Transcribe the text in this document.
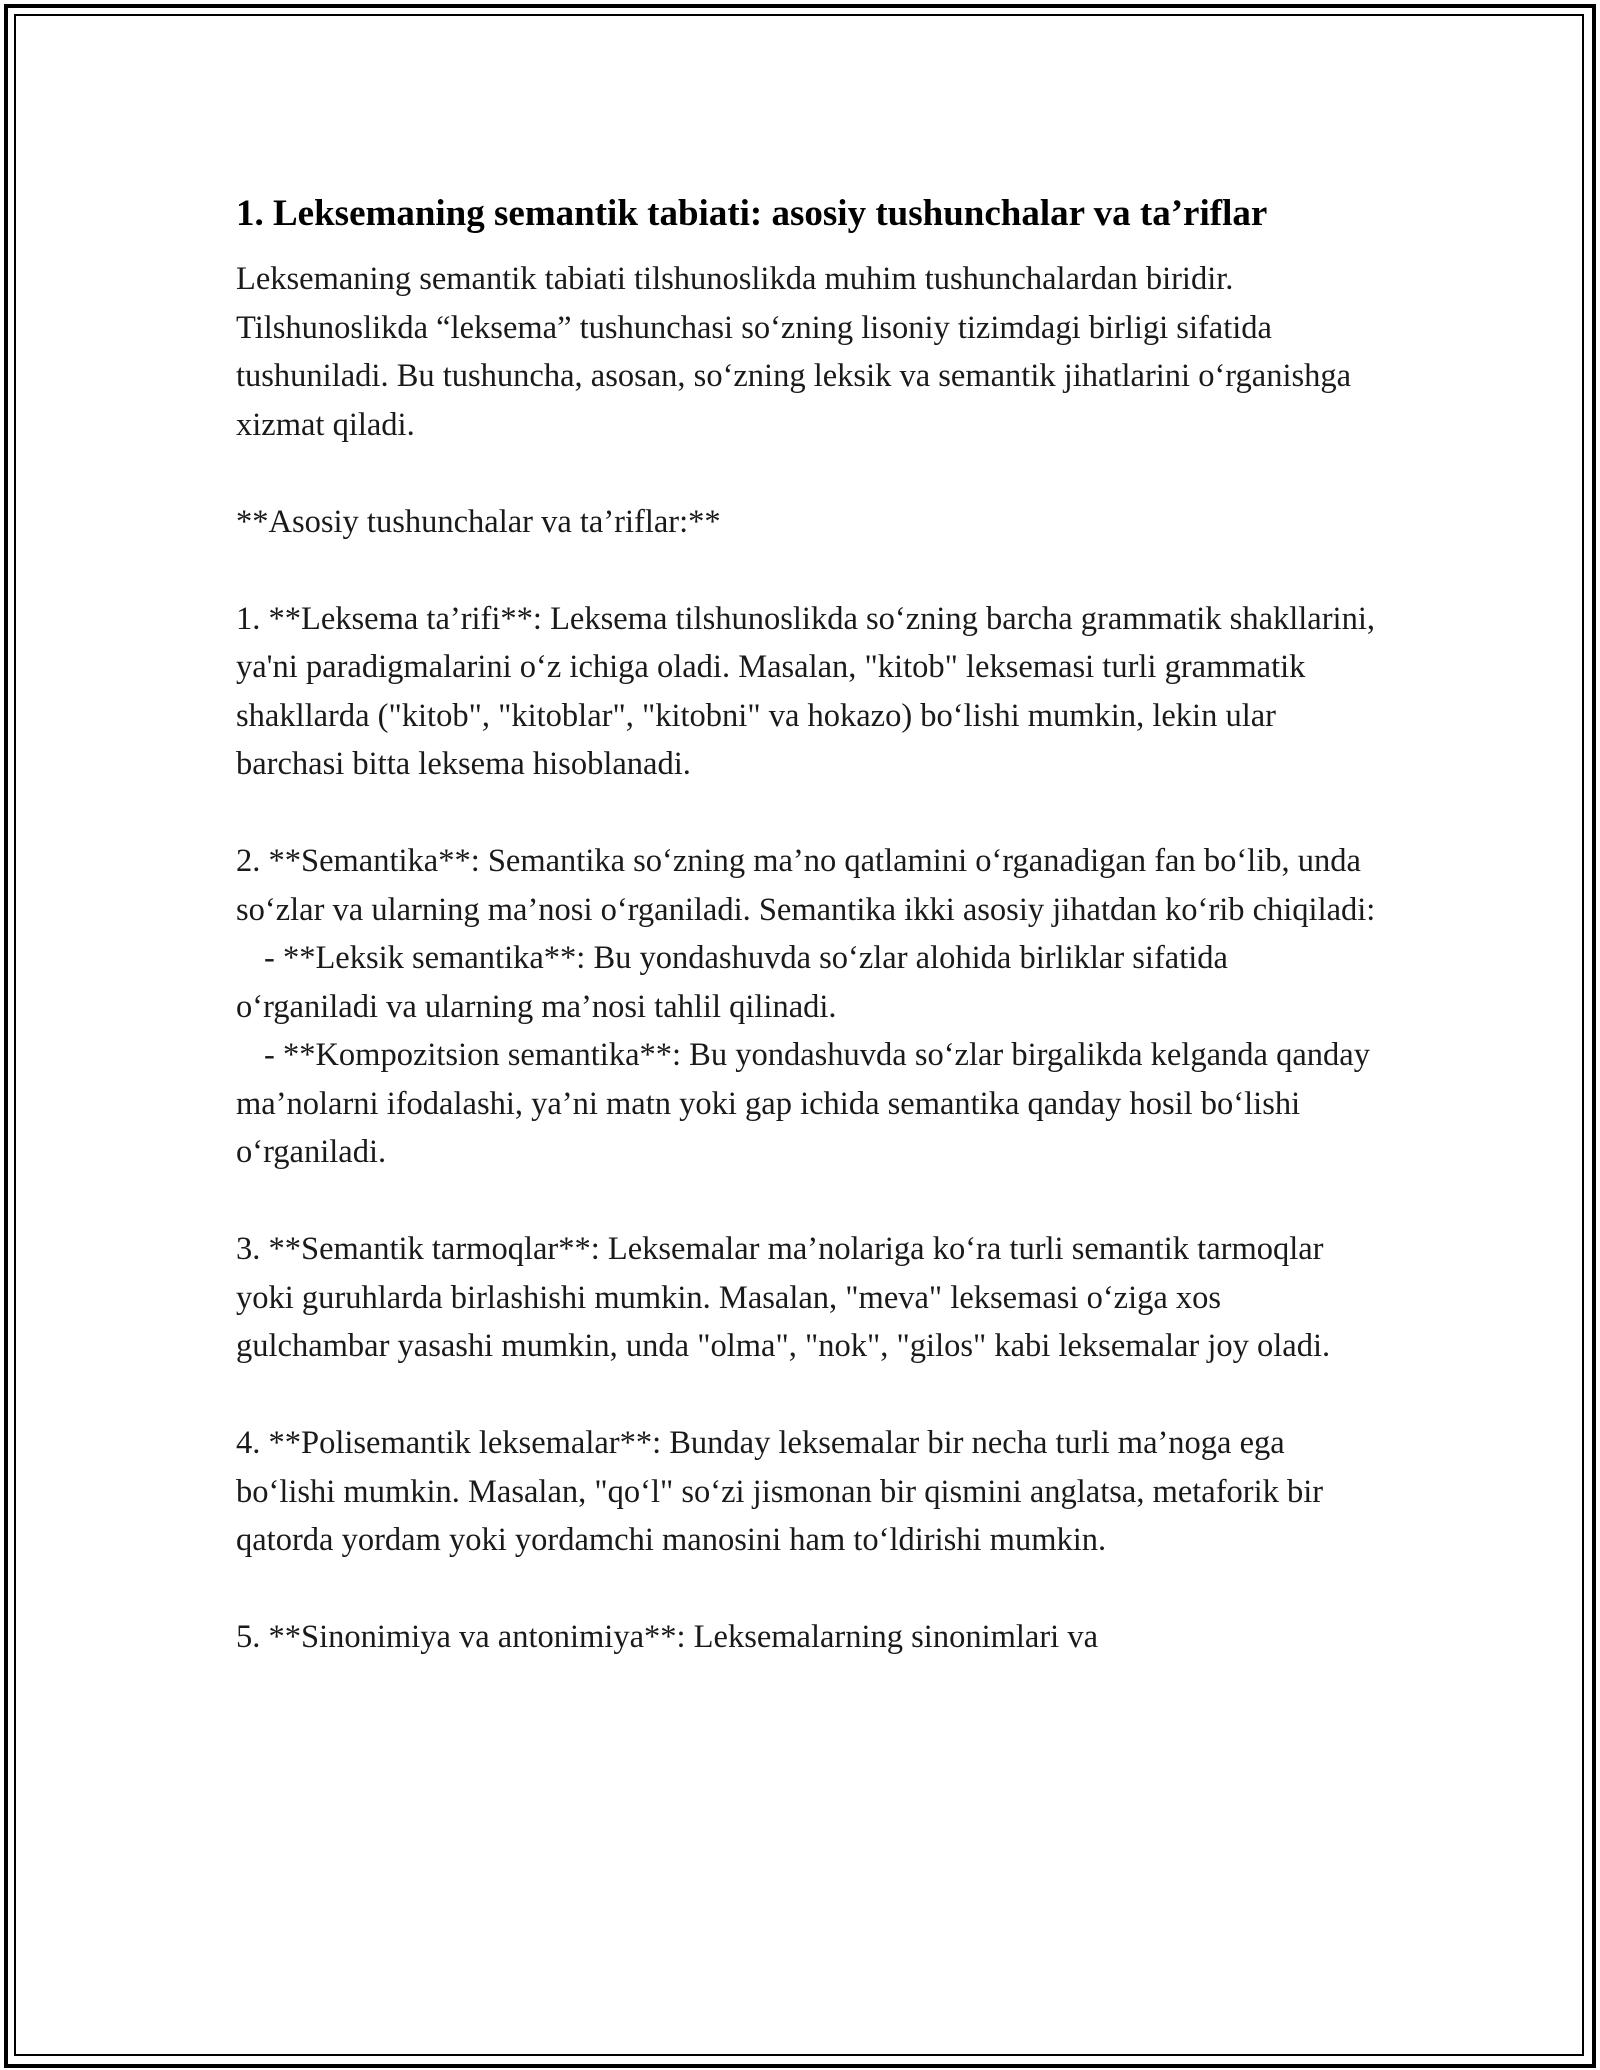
1. Leksemaning semantik tabiati: asosiy tushunchalar va ta’riflar

Leksemaning semantik tabiati tilshunoslikda muhim tushunchalardan biridir. Tilshunoslikda “leksema” tushunchasi so‘zning lisoniy tizimdagi birligi sifatida tushuniladi. Bu tushuncha, asosan, so‘zning leksik va semantik jihatlarini o‘rganishga xizmat qiladi.

**Asosiy tushunchalar va ta’riflar:**

1. **Leksema ta’rifi**: Leksema tilshunoslikda so‘zning barcha grammatik shakllarini, ya'ni paradigmalarini o‘z ichiga oladi. Masalan, "kitob" leksemasi turli grammatik shakllarda ("kitob", "kitoblar", "kitobni" va hokazo) bo‘lishi mumkin, lekin ular barchasi bitta leksema hisoblanadi.

2. **Semantika**: Semantika so‘zning ma’no qatlamini o‘rganadigan fan bo‘lib, unda so‘zlar va ularning ma’nosi o‘rganiladi. Semantika ikki asosiy jihatdan ko‘rib chiqiladi:
- **Leksik semantika**: Bu yondashuvda so‘zlar alohida birliklar sifatida o‘rganiladi va ularning ma’nosi tahlil qilinadi.
- **Kompozitsion semantika**: Bu yondashuvda so‘zlar birgalikda kelganda qanday ma’nolarni ifodalashi, ya’ni matn yoki gap ichida semantika qanday hosil bo‘lishi o‘rganiladi.

3. **Semantik tarmoqlar**: Leksemalar ma’nolariga ko‘ra turli semantik tarmoqlar yoki guruhlarda birlashishi mumkin. Masalan, "meva" leksemasi o‘ziga xos gulchambar yasashi mumkin, unda "olma", "nok", "gilos" kabi leksemalar joy oladi.

4. **Polisemantik leksemalar**: Bunday leksemalar bir necha turli ma’noga ega bo‘lishi mumkin. Masalan, "qo‘l" so‘zi jismonan bir qismini anglatsa, metaforik bir qatorda yordam yoki yordamchi manosini ham to‘ldirishi mumkin.

5. **Sinonimiya va antonimiya**: Leksemalarning sinonimlari va
